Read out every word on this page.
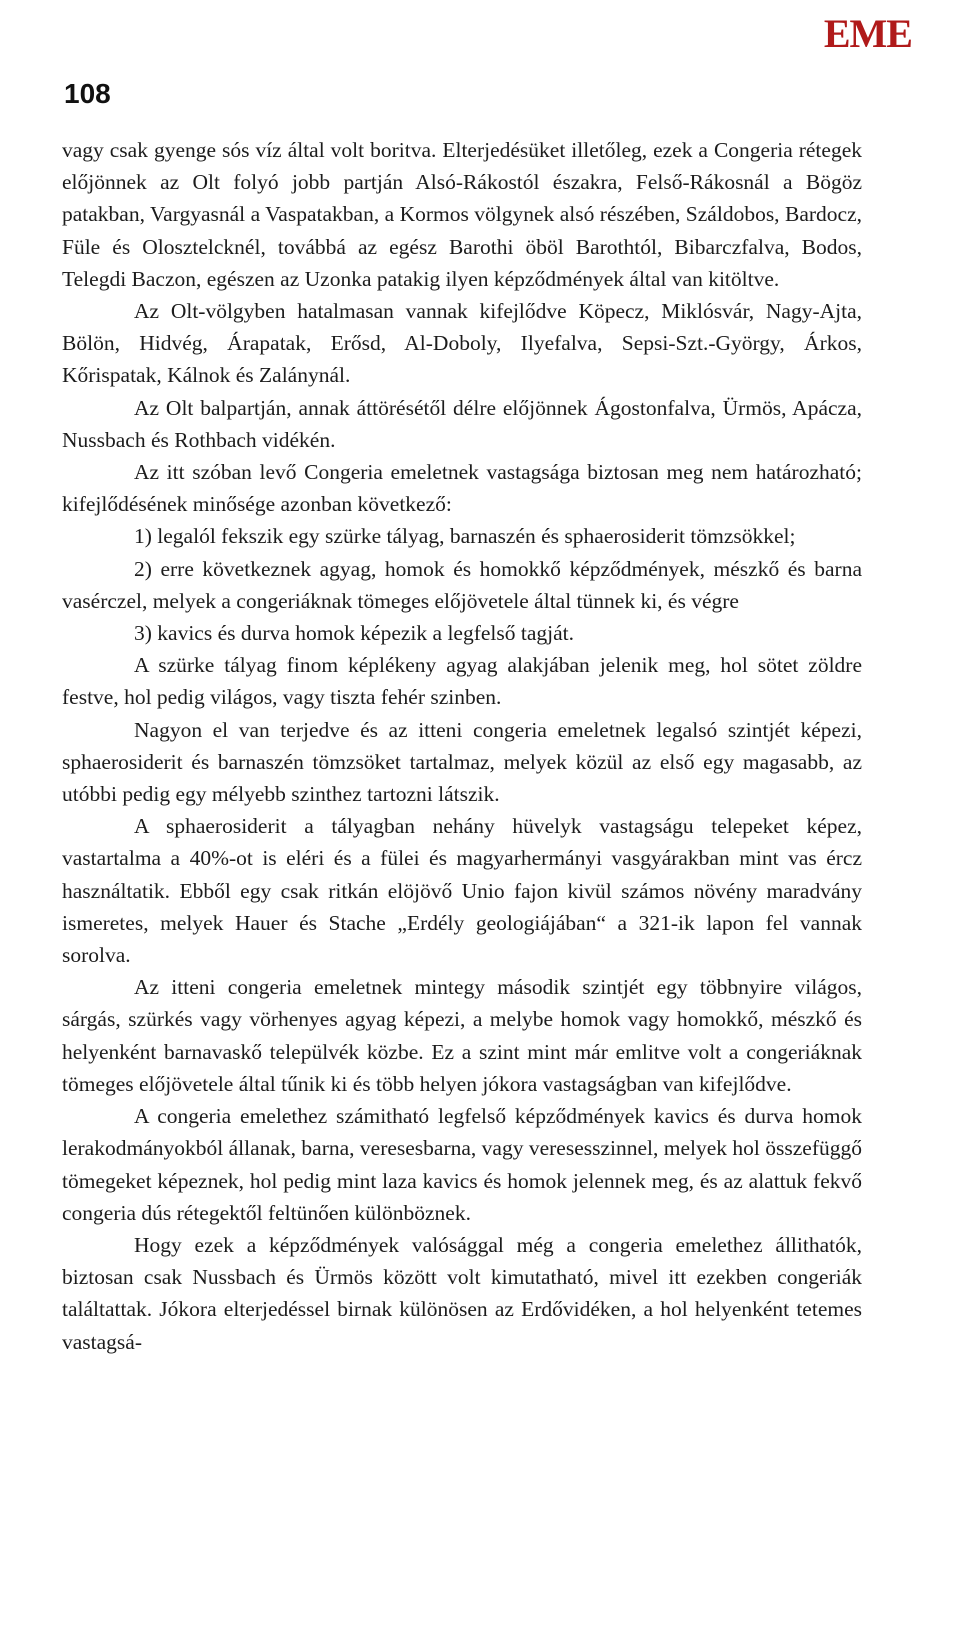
EME
108

vagy csak gyenge sós víz által volt boritva. Elterjedésüket illetőleg, ezek a Congeria rétegek előjönnek az Olt folyó jobb partján Alsó-Rákostól északra, Felső-Rákosnál a Bögöz patakban, Vargyasnál a Vaspatakban, a Kormos völgynek alsó részében, Száldobos, Bardocz, Füle és Olosztelcknél, továbbá az egész Barothi öböl Barothtól, Bibarczfalva, Bodos, Telegdi Baczon, egészen az Uzonka patakig ilyen képződmények által van kitöltve.

Az Olt-völgyben hatalmasan vannak kifejlődve Köpecz, Miklósvár, Nagy-Ajta, Bölön, Hidvég, Árapatak, Erősd, Al-Doboly, Ilyefalva, Sepsi-Szt.-György, Árkos, Kőrispatak, Kálnok és Zalánynál.

Az Olt balpartján, annak áttörésétől délre előjönnek Ágostonfalva, Ürmös, Apácza, Nussbach és Rothbach vidékén.

Az itt szóban levő Congeria emeletnek vastagsága biztosan meg nem határozható; kifejlődésének minősége azonban következő:

1) legalól fekszik egy szürke tályag, barnaszén és sphaerosiderit tömzsökkel;

2) erre következnek agyag, homok és homokkő képződmények, mészkő és barna vasérczel, melyek a congeriáknak tömeges előjövetele által tünnek ki, és végre

3) kavics és durva homok képezik a legfelső tagját.

A szürke tályag finom képlékeny agyag alakjában jelenik meg, hol sötet zöldre festve, hol pedig világos, vagy tiszta fehér szinben.

Nagyon el van terjedve és az itteni congeria emeletnek legalsó szintjét képezi, sphaerosiderit és barnaszén tömzsöket tartalmaz, melyek közül az első egy magasabb, az utóbbi pedig egy mélyebb szinthez tartozni látszik.

A sphaerosiderit a tályagban nehány hüvelyk vastagságu telepeket képez, vastartalma a 40%-ot is eléri és a fülei és magyarhermányi vasgyárakban mint vas ércz használtatik. Ebből egy csak ritkán elöjövő Unio fajon kivül számos növény maradvány ismeretes, melyek Hauer és Stache „Erdély geologiájában“ a 321-ik lapon fel vannak sorolva.

Az itteni congeria emeletnek mintegy második szintjét egy többnyire világos, sárgás, szürkés vagy vörhenyes agyag képezi, a melybe homok vagy homokkő, mészkő és helyenként barnavaskő települvék közbe. Ez a szint mint már emlitve volt a congeriáknak tömeges előjövetele által tűnik ki és több helyen jókora vastagságban van kifejlődve.

A congeria emelethez számitható legfelső képződmények kavics és durva homok lerakodmányokból állanak, barna, veresesbarna, vagy veresesszinnel, melyek hol összefüggő tömegeket képeznek, hol pedig mint laza kavics és homok jelennek meg, és az alattuk fekvő congeria dús rétegektől feltünően különböznek.

Hogy ezek a képződmények valósággal még a congeria emelethez állithatók, biztosan csak Nussbach és Ürmös között volt kimutatható, mivel itt ezekben congeriák találtattak. Jókora elterjedéssel birnak különösen az Erdővidéken, a hol helyenként tetemes vastagsá-
